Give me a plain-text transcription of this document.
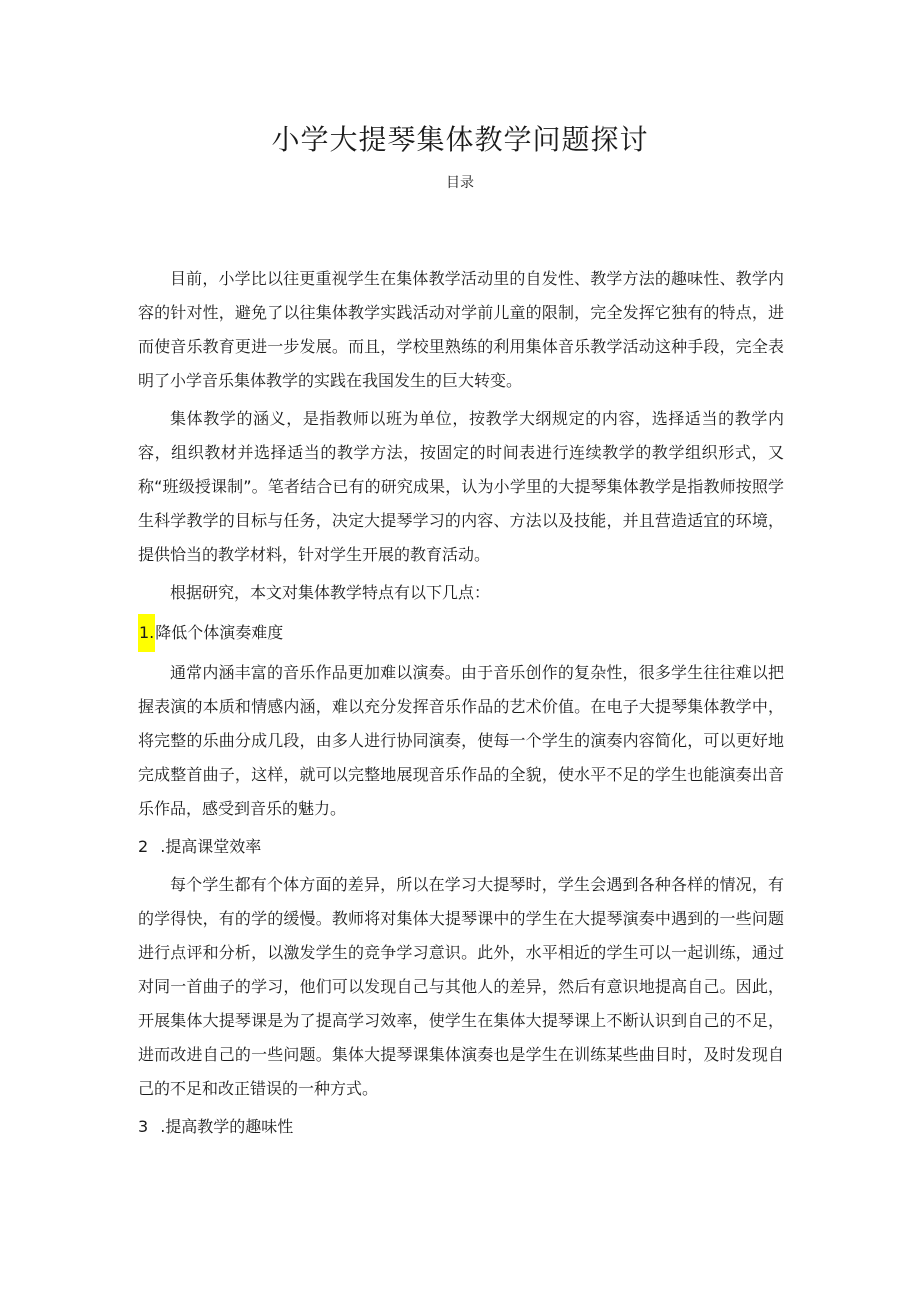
小学大提琴集体教学问题探讨
目录

目前，小学比以往更重视学生在集体教学活动里的自发性、教学方法的趣味性、教学内容的针对性，避免了以往集体教学实践活动对学前儿童的限制，完全发挥它独有的特点，进而使音乐教育更进一步发展。而且，学校里熟练的利用集体音乐教学活动这种手段，完全表明了小学音乐集体教学的实践在我国发生的巨大转变。

集体教学的涵义，是指教师以班为单位，按教学大纲规定的内容，选择适当的教学内容，组织教材并选择适当的教学方法，按固定的时间表进行连续教学的教学组织形式，又称“班级授课制”。笔者结合已有的研究成果，认为小学里的大提琴集体教学是指教师按照学生科学教学的目标与任务，决定大提琴学习的内容、方法以及技能，并且营造适宜的环境，提供恰当的教学材料，针对学生开展的教育活动。

根据研究，本文对集体教学特点有以下几点：

1.降低个体演奏难度

通常内涵丰富的音乐作品更加难以演奏。由于音乐创作的复杂性，很多学生往往难以把握表演的本质和情感内涵，难以充分发挥音乐作品的艺术价值。在电子大提琴集体教学中，将完整的乐曲分成几段，由多人进行协同演奏，使每一个学生的演奏内容简化，可以更好地完成整首曲子，这样，就可以完整地展现音乐作品的全貌，使水平不足的学生也能演奏出音乐作品，感受到音乐的魅力。

2 .提高课堂效率

每个学生都有个体方面的差异，所以在学习大提琴时，学生会遇到各种各样的情况，有的学得快，有的学的缓慢。教师将对集体大提琴课中的学生在大提琴演奏中遇到的一些问题进行点评和分析，以激发学生的竞争学习意识。此外，水平相近的学生可以一起训练，通过对同一首曲子的学习，他们可以发现自己与其他人的差异，然后有意识地提高自己。因此，开展集体大提琴课是为了提高学习效率，使学生在集体大提琴课上不断认识到自己的不足，进而改进自己的一些问题。集体大提琴课集体演奏也是学生在训练某些曲目时，及时发现自己的不足和改正错误的一种方式。

3 .提高教学的趣味性
